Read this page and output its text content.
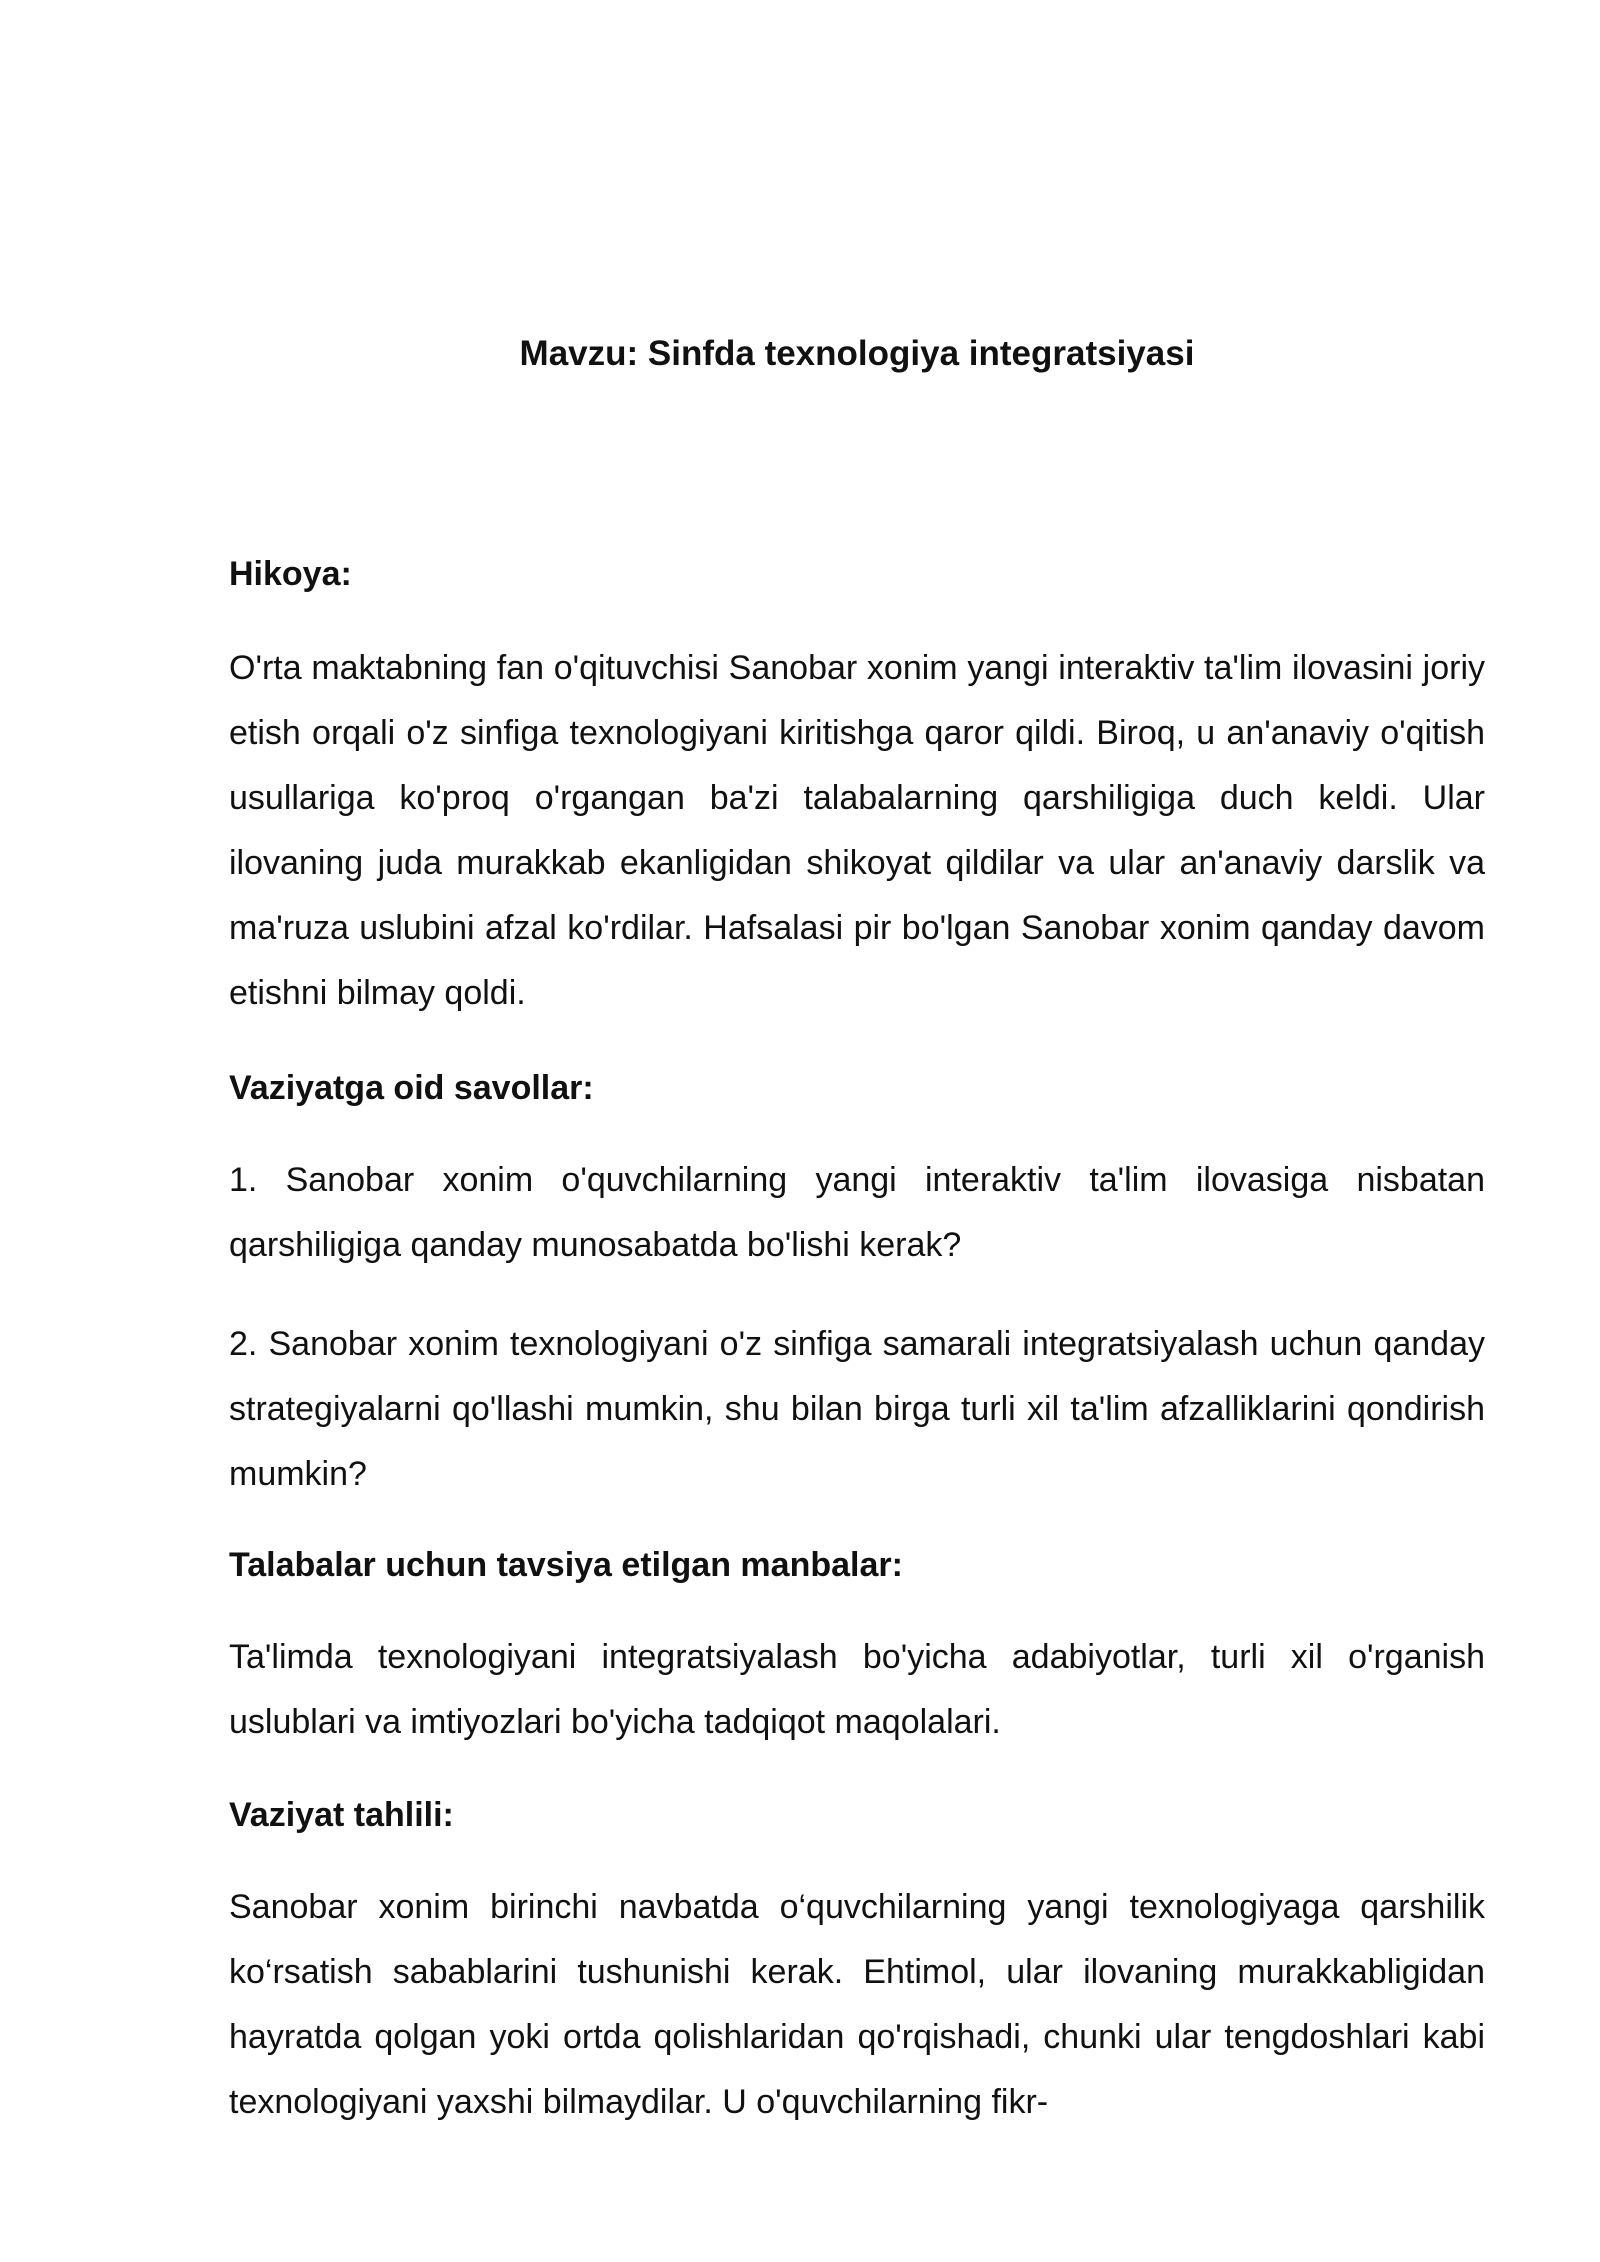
Mavzu: Sinfda texnologiya integratsiyasi

Hikoya:

O'rta maktabning fan o'qituvchisi Sanobar xonim yangi interaktiv ta'lim ilovasini joriy etish orqali o'z sinfiga texnologiyani kiritishga qaror qildi. Biroq, u an'anaviy o'qitish usullariga ko'proq o'rgangan ba'zi talabalarning qarshiligiga duch keldi. Ular ilovaning juda murakkab ekanligidan shikoyat qildilar va ular an'anaviy darslik va ma'ruza uslubini afzal ko'rdilar. Hafsalasi pir bo'lgan Sanobar xonim qanday davom etishni bilmay qoldi.

Vaziyatga oid savollar:

1. Sanobar xonim o'quvchilarning yangi interaktiv ta'lim ilovasiga nisbatan qarshiligiga qanday munosabatda bo'lishi kerak?

2. Sanobar xonim texnologiyani o'z sinfiga samarali integratsiyalash uchun qanday strategiyalarni qo'llashi mumkin, shu bilan birga turli xil ta'lim afzalliklarini qondirish mumkin?

Talabalar uchun tavsiya etilgan manbalar:

Ta'limda texnologiyani integratsiyalash bo'yicha adabiyotlar, turli xil o'rganish uslublari va imtiyozlari bo'yicha tadqiqot maqolalari.

Vaziyat tahlili:

Sanobar xonim birinchi navbatda o‘quvchilarning yangi texnologiyaga qarshilik ko‘rsatish sabablarini tushunishi kerak. Ehtimol, ular ilovaning murakkabligidan hayratda qolgan yoki ortda qolishlaridan qo'rqishadi, chunki ular tengdoshlari kabi texnologiyani yaxshi bilmaydilar. U o'quvchilarning fikr-
